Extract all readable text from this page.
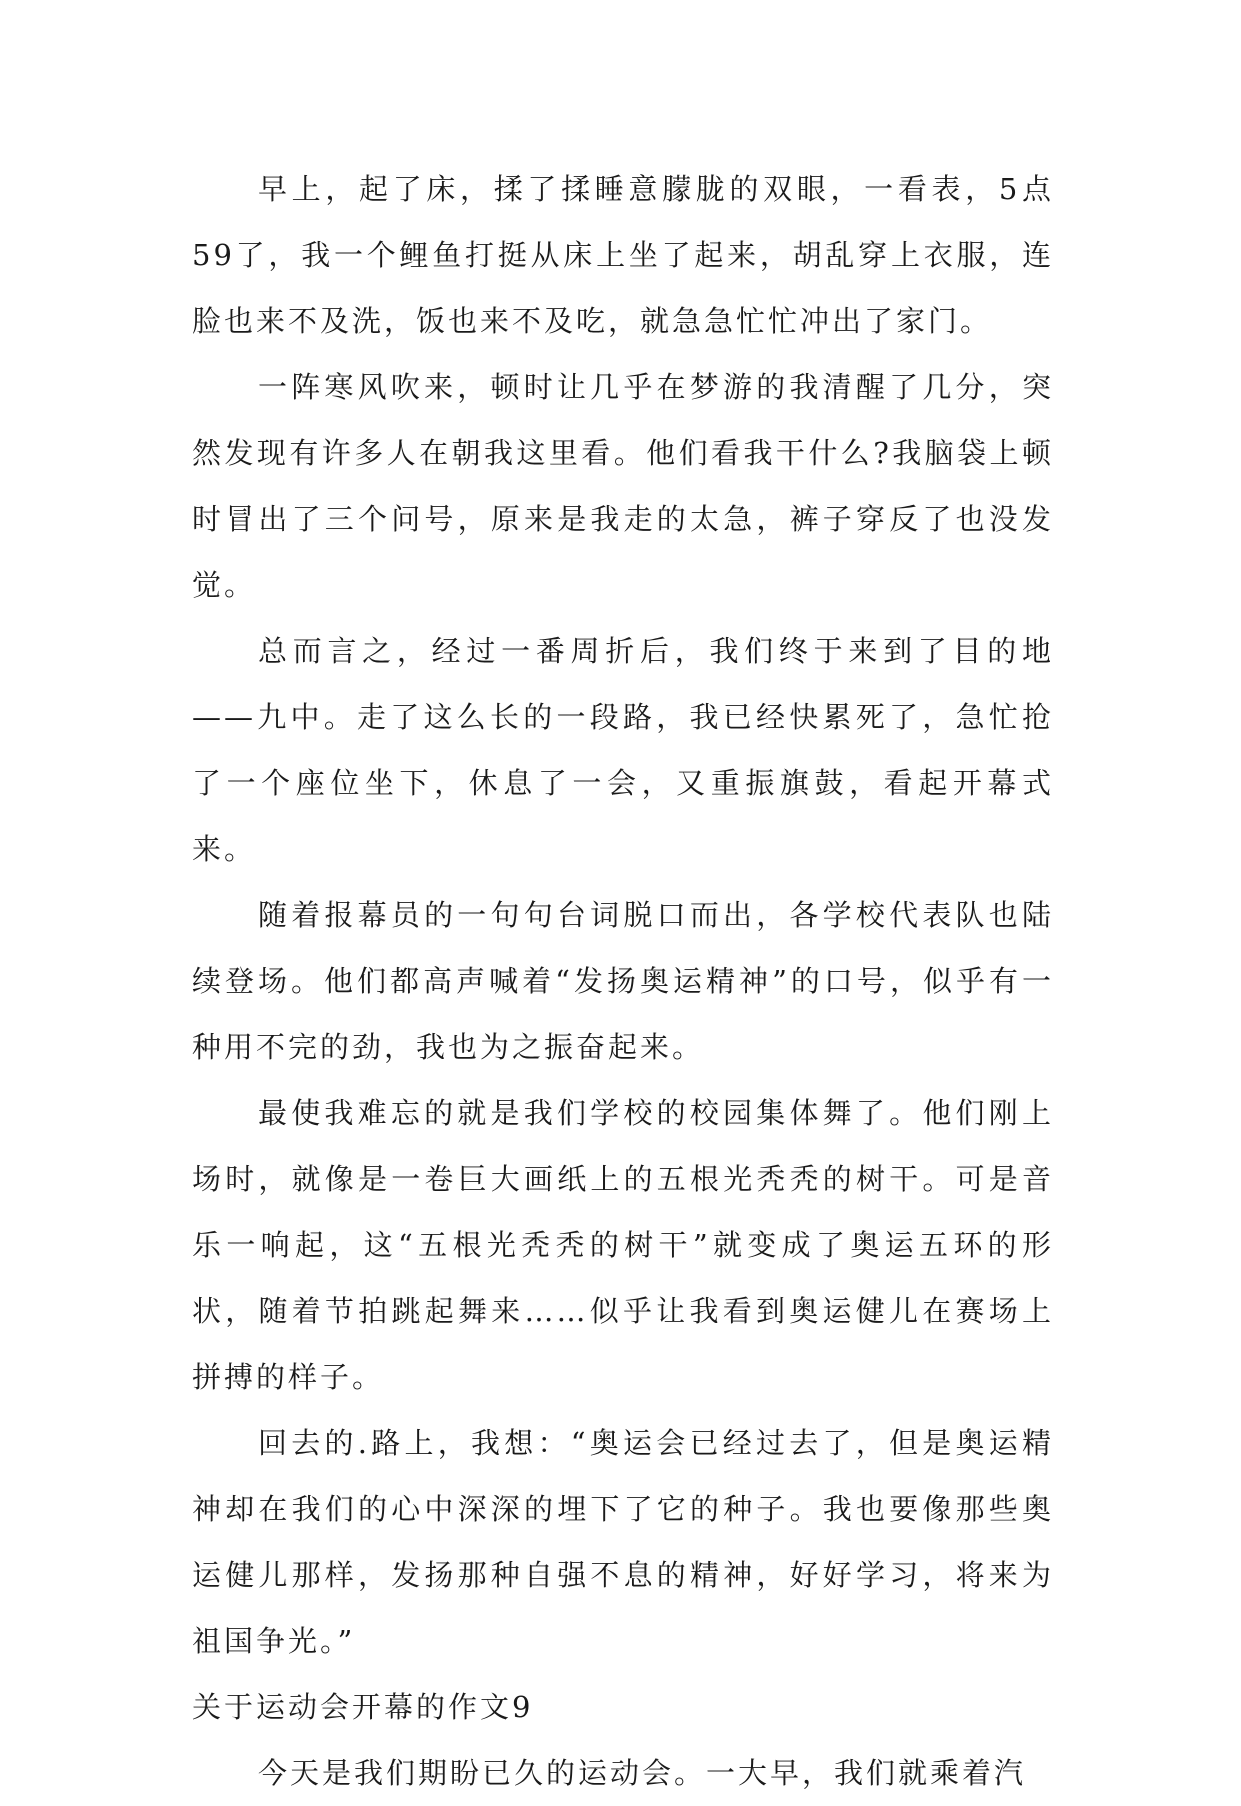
早上，起了床，揉了揉睡意朦胧的双眼，一看表，5点59了，我一个鲤鱼打挺从床上坐了起来，胡乱穿上衣服，连脸也来不及洗，饭也来不及吃，就急急忙忙冲出了家门。

一阵寒风吹来，顿时让几乎在梦游的我清醒了几分，突然发现有许多人在朝我这里看。他们看我干什么?我脑袋上顿时冒出了三个问号，原来是我走的太急，裤子穿反了也没发觉。

总而言之，经过一番周折后，我们终于来到了目的地——九中。走了这么长的一段路，我已经快累死了，急忙抢了一个座位坐下，休息了一会，又重振旗鼓，看起开幕式来。

随着报幕员的一句句台词脱口而出，各学校代表队也陆续登场。他们都高声喊着“发扬奥运精神”的口号，似乎有一种用不完的劲，我也为之振奋起来。

最使我难忘的就是我们学校的校园集体舞了。他们刚上场时，就像是一卷巨大画纸上的五根光秃秃的树干。可是音乐一响起，这“五根光秃秃的树干”就变成了奥运五环的形状，随着节拍跳起舞来……似乎让我看到奥运健儿在赛场上拼搏的样子。

回去的.路上，我想：“奥运会已经过去了，但是奥运精神却在我们的心中深深的埋下了它的种子。我也要像那些奥运健儿那样，发扬那种自强不息的精神，好好学习，将来为祖国争光。”

关于运动会开幕的作文9

今天是我们期盼已久的运动会。一大早，我们就乘着汽
